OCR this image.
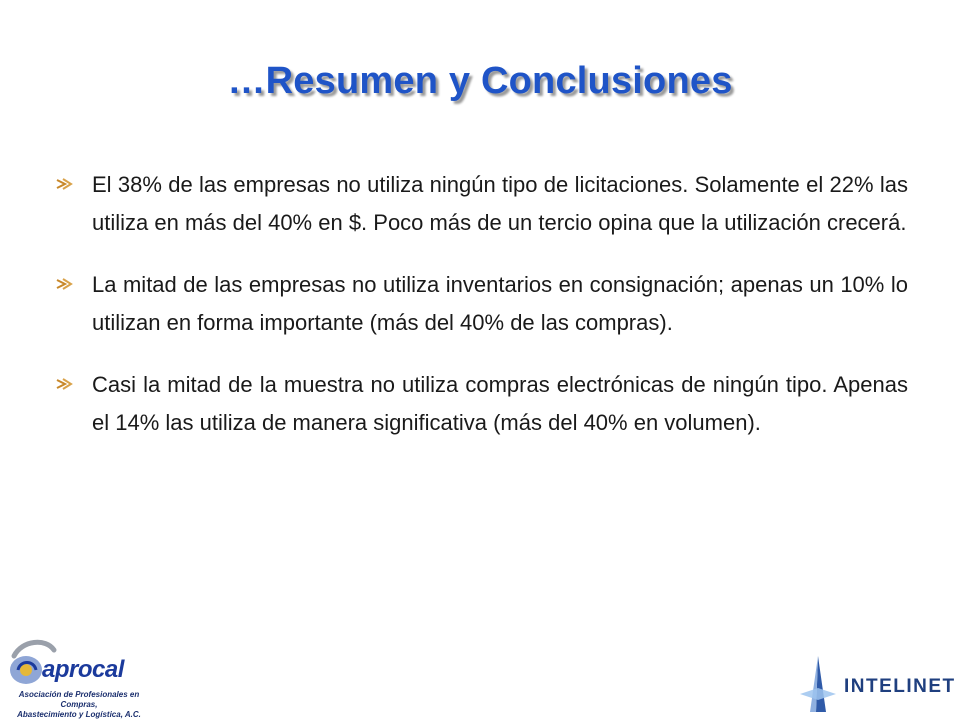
…Resumen y Conclusiones
El 38% de las empresas no utiliza ningún tipo de licitaciones. Solamente el 22% las utiliza en más del 40% en $. Poco más de un tercio opina que la utilización crecerá.
La mitad de las empresas no utiliza inventarios en consignación; apenas un 10% lo utilizan en forma importante (más del 40% de las compras).
Casi la mitad de la muestra no utiliza compras electrónicas de ningún tipo. Apenas el 14% las utiliza de manera significativa (más del 40% en volumen).
aprocal
Asociación de Profesionales en Compras,
Abastecimiento y Logística, A.C.
INTELINET
